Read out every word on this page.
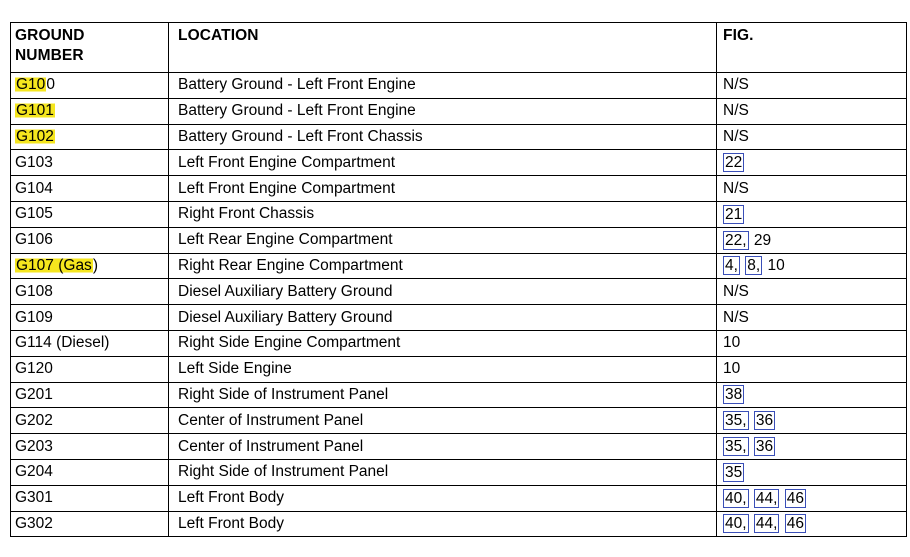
GROUND
NUMBER	LOCATION	FIG.
G100	Battery Ground - Left Front Engine	N/S
G101	Battery Ground - Left Front Engine	N/S
G102	Battery Ground - Left Front Chassis	N/S
G103	Left Front Engine Compartment	22
G104	Left Front Engine Compartment	N/S
G105	Right Front Chassis	21
G106	Left Rear Engine Compartment	22, 29
G107 (Gas)	Right Rear Engine Compartment	4, 8, 10
G108	Diesel Auxiliary Battery Ground	N/S
G109	Diesel Auxiliary Battery Ground	N/S
G114 (Diesel)	Right Side Engine Compartment	10
G120	Left Side Engine	10
G201	Right Side of Instrument Panel	38
G202	Center of Instrument Panel	35, 36
G203	Center of Instrument Panel	35, 36
G204	Right Side of Instrument Panel	35
G301	Left Front Body	40, 44, 46
G302	Left Front Body	40, 44, 46
